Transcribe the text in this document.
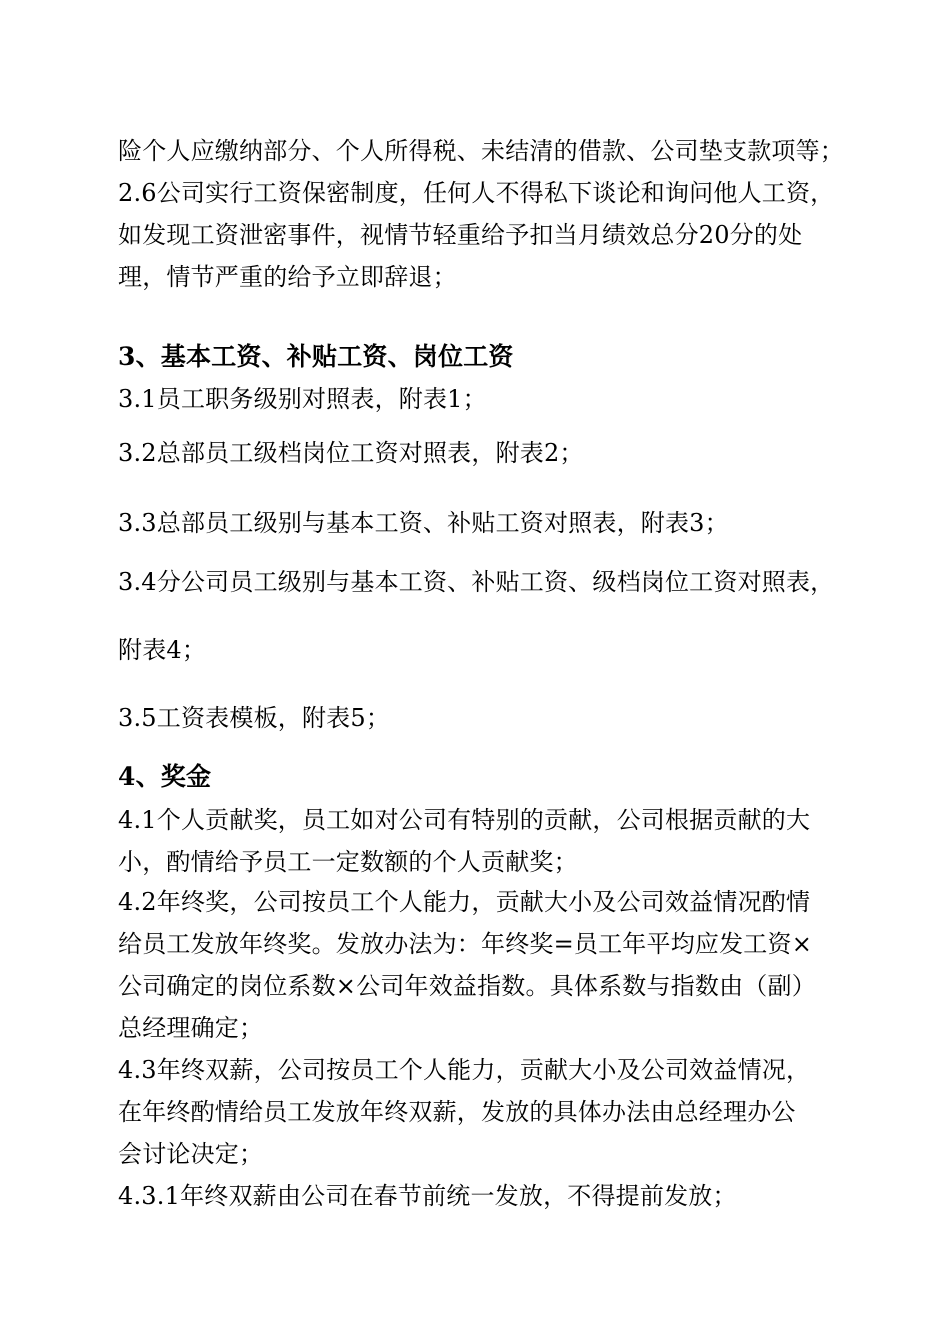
险个人应缴纳部分、个人所得税、未结清的借款、公司垫支款项等；
2.6公司实行工资保密制度，任何人不得私下谈论和询问他人工资，
如发现工资泄密事件，视情节轻重给予扣当月绩效总分20分的处
理，情节严重的给予立即辞退；
3、基本工资、补贴工资、岗位工资
3.1员工职务级别对照表，附表1；
3.2总部员工级档岗位工资对照表，附表2；
3.3总部员工级别与基本工资、补贴工资对照表，附表3；
3.4分公司员工级别与基本工资、补贴工资、级档岗位工资对照表，
附表4；
3.5工资表模板，附表5；
4、奖金
4.1个人贡献奖，员工如对公司有特别的贡献，公司根据贡献的大
小，酌情给予员工一定数额的个人贡献奖；
4.2年终奖，公司按员工个人能力，贡献大小及公司效益情况酌情
给员工发放年终奖。发放办法为：年终奖=员工年平均应发工资×
公司确定的岗位系数×公司年效益指数。具体系数与指数由（副）
总经理确定；
4.3年终双薪，公司按员工个人能力，贡献大小及公司效益情况，
在年终酌情给员工发放年终双薪，发放的具体办法由总经理办公
会讨论决定；
4.3.1年终双薪由公司在春节前统一发放，不得提前发放；
